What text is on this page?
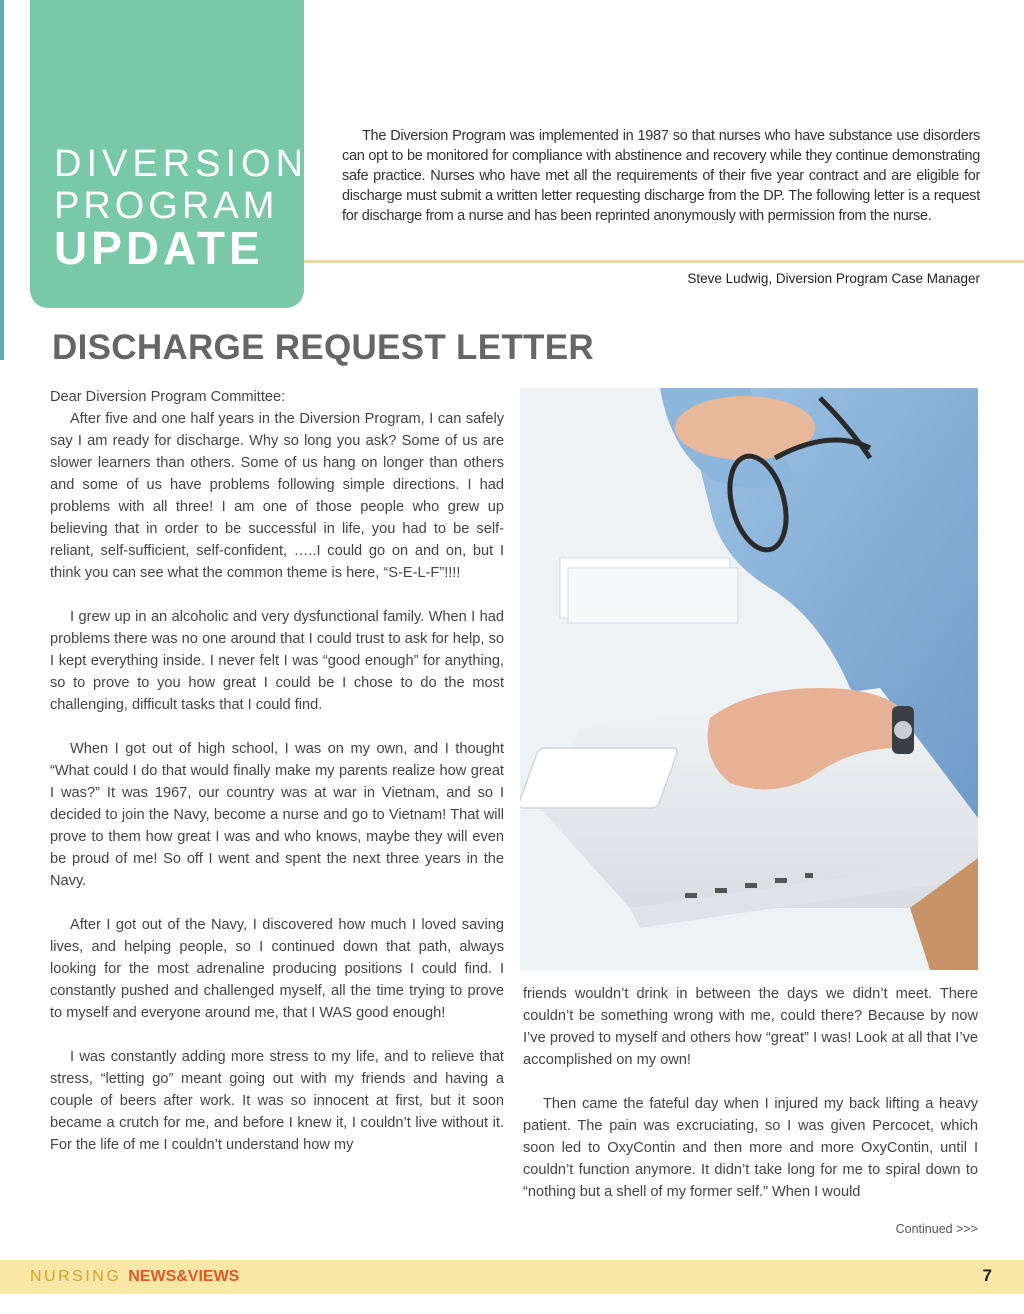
DIVERSION
PROGRAM
UPDATE
The Diversion Program was implemented in 1987 so that nurses who have substance use disorders can opt to be monitored for compliance with abstinence and recovery while they continue demonstrating safe practice. Nurses who have met all the requirements of their five year contract and are eligible for discharge must submit a written letter requesting discharge from the DP. The following letter is a request for discharge from a nurse and has been reprinted anonymously with permission from the nurse.
Steve Ludwig, Diversion Program Case Manager
DISCHARGE REQUEST LETTER

Dear Diversion Program Committee:

After five and one half years in the Diversion Program, I can safely say I am ready for discharge. Why so long you ask? Some of us are slower learners than others. Some of us hang on longer than others and some of us have problems following simple directions. I had problems with all three! I am one of those people who grew up believing that in order to be successful in life, you had to be self-reliant, self-sufficient, self-confident, …..I could go on and on, but I think you can see what the common theme is here, “S-E-L-F”!!!!

I grew up in an alcoholic and very dysfunctional family. When I had problems there was no one around that I could trust to ask for help, so I kept everything inside. I never felt I was “good enough” for anything, so to prove to you how great I could be I chose to do the most challenging, difficult tasks that I could find.

When I got out of high school, I was on my own, and I thought “What could I do that would finally make my parents realize how great I was?” It was 1967, our country was at war in Vietnam, and so I decided to join the Navy, become a nurse and go to Vietnam! That will prove to them how great I was and who knows, maybe they will even be proud of me! So off I went and spent the next three years in the Navy.

After I got out of the Navy, I discovered how much I loved saving lives, and helping people, so I continued down that path, always looking for the most adrenaline producing positions I could find. I constantly pushed and challenged myself, all the time trying to prove to myself and everyone around me, that I WAS good enough!

I was constantly adding more stress to my life, and to relieve that stress, “letting go” meant going out with my friends and having a couple of beers after work. It was so innocent at first, but it soon became a crutch for me, and before I knew it, I couldn’t live without it. For the life of me I couldn’t understand how my

friends wouldn’t drink in between the days we didn’t meet. There couldn’t be something wrong with me, could there? Because by now I’ve proved to myself and others how “great” I was! Look at all that I’ve accomplished on my own!

Then came the fateful day when I injured my back lifting a heavy patient. The pain was excruciating, so I was given Percocet, which soon led to OxyContin and then more and more OxyContin, until I couldn’t function anymore. It didn’t take long for me to spiral down to “nothing but a shell of my former self.” When I would

Continued >>>
NURSING NEWS&VIEWS	7
